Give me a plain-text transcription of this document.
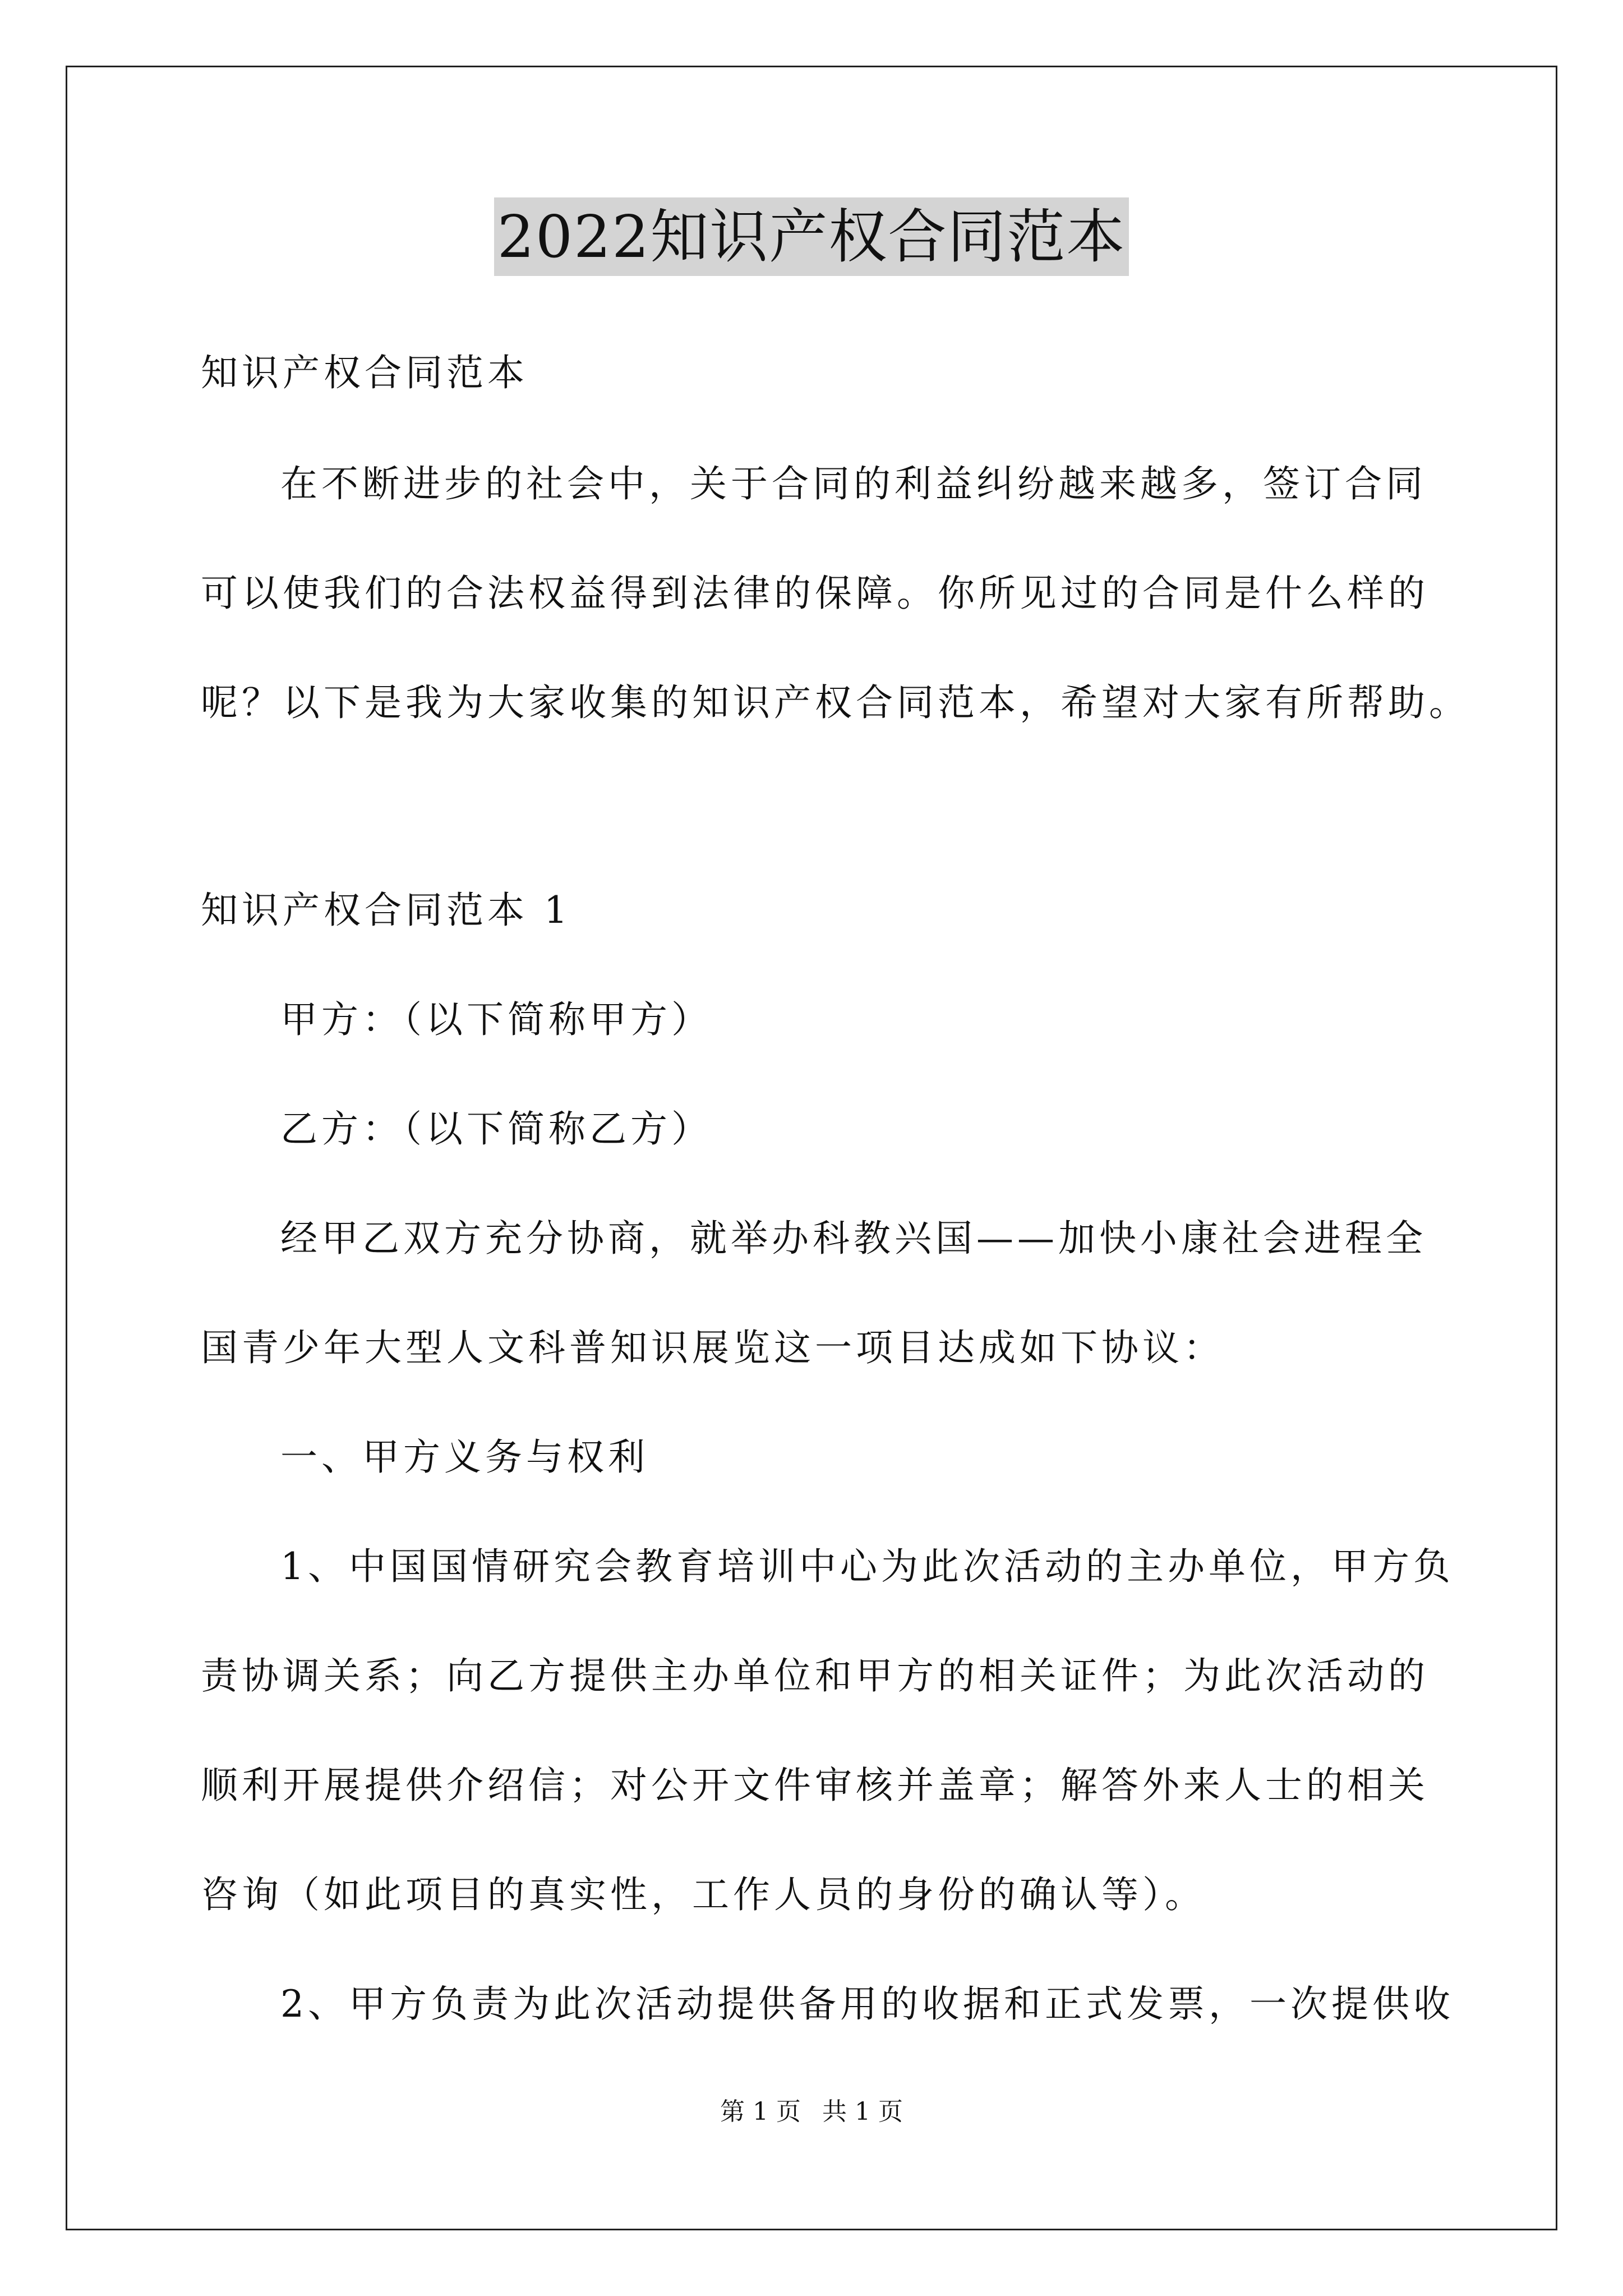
2022知识产权合同范本
知识产权合同范本
在不断进步的社会中，关于合同的利益纠纷越来越多，签订合同
可以使我们的合法权益得到法律的保障。你所见过的合同是什么样的
呢？以下是我为大家收集的知识产权合同范本，希望对大家有所帮助。
知识产权合同范本 1
甲方：（以下简称甲方）
乙方：（以下简称乙方）
经甲乙双方充分协商，就举办科教兴国——加快小康社会进程全
国青少年大型人文科普知识展览这一项目达成如下协议：
一、甲方义务与权利
1、中国国情研究会教育培训中心为此次活动的主办单位，甲方负
责协调关系；向乙方提供主办单位和甲方的相关证件；为此次活动的
顺利开展提供介绍信；对公开文件审核并盖章；解答外来人士的相关
咨询（如此项目的真实性，工作人员的身份的确认等）。
2、甲方负责为此次活动提供备用的收据和正式发票，一次提供收
第 1 页 共 1 页
